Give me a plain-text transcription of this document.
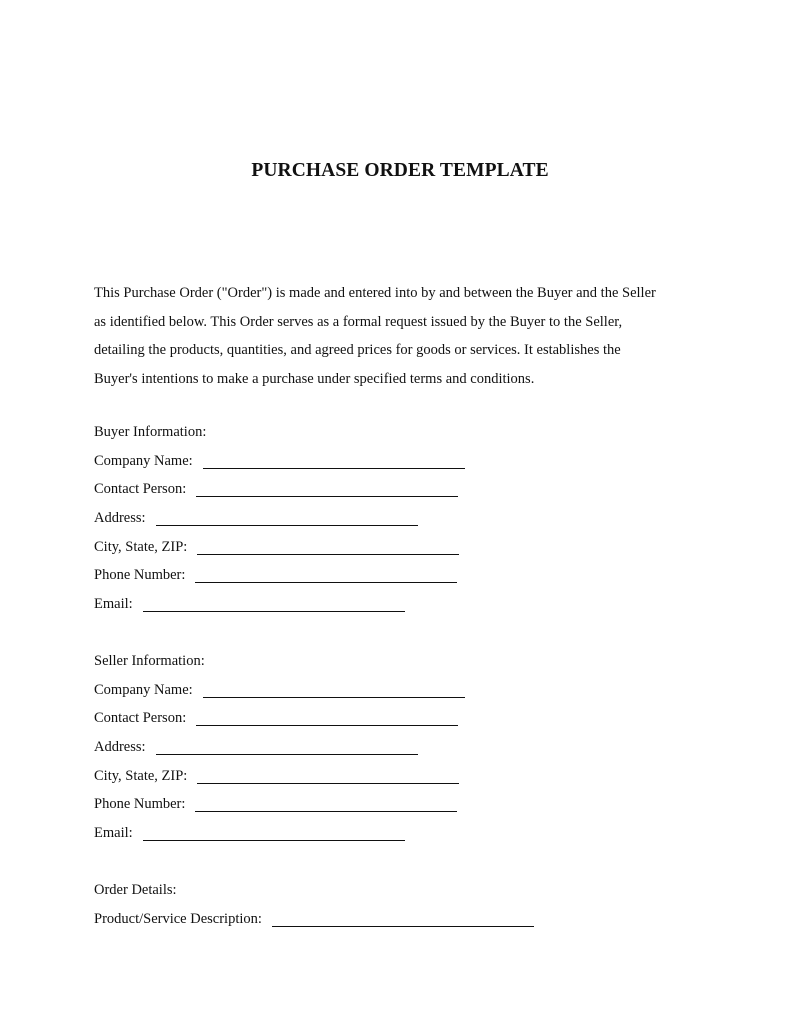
PURCHASE ORDER TEMPLATE
This Purchase Order ("Order") is made and entered into by and between the Buyer and the Seller
as identified below. This Order serves as a formal request issued by the Buyer to the Seller,
detailing the products, quantities, and agreed prices for goods or services. It establishes the
Buyer's intentions to make a purchase under specified terms and conditions.
Buyer Information:
Company Name:
Contact Person:
Address:
City, State, ZIP:
Phone Number:
Email:
Seller Information:
Company Name:
Contact Person:
Address:
City, State, ZIP:
Phone Number:
Email:
Order Details:
Product/Service Description:
